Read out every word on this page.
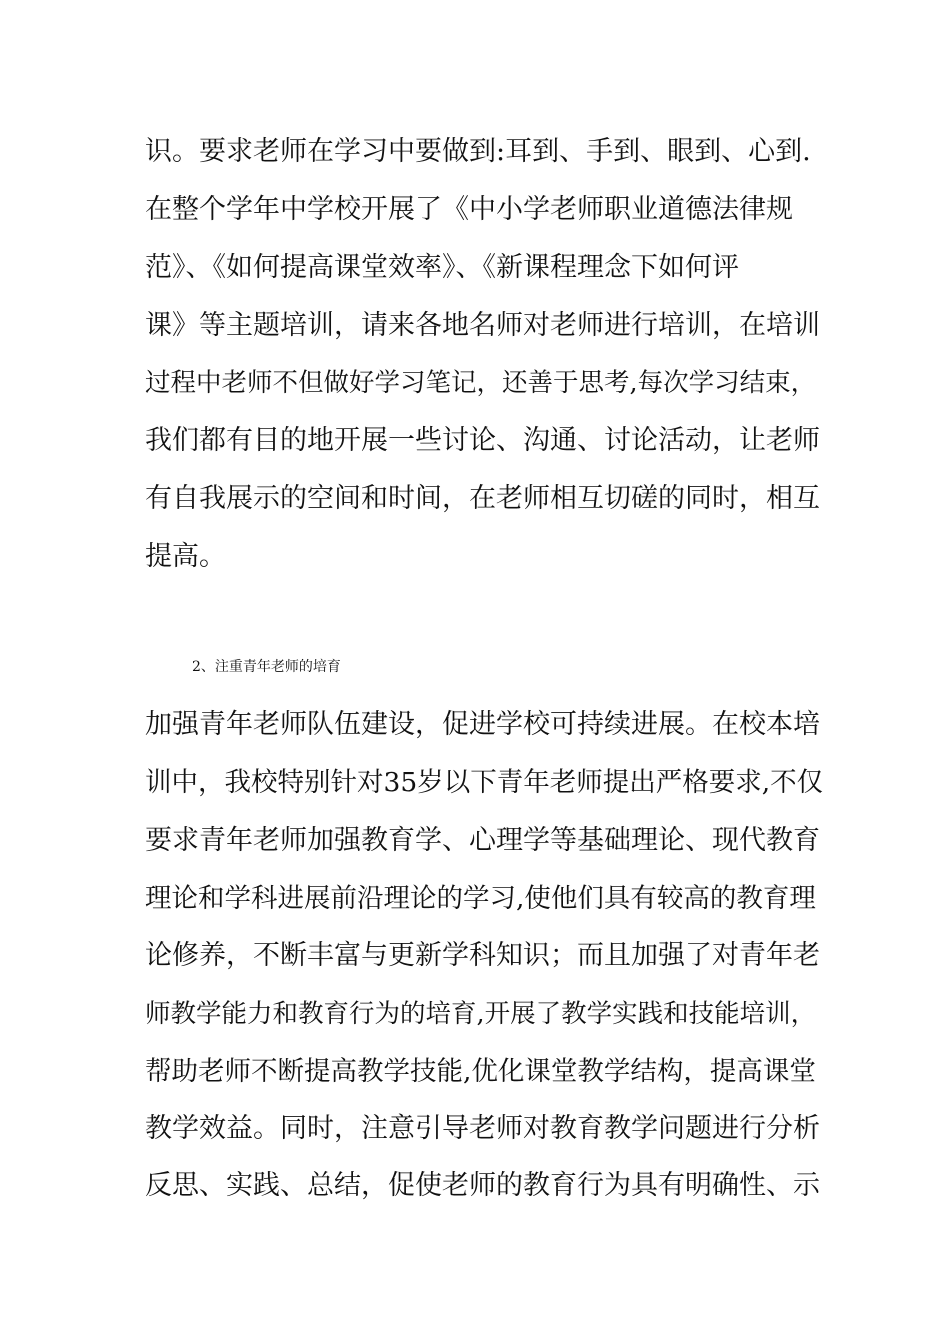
识。要求老师在学习中要做到:耳到、手到、眼到、心到.
在整个学年中学校开展了《中小学老师职业道德法律规
范》、《如何提高课堂效率》、《新课程理念下如何评
课》等主题培训，请来各地名师对老师进行培训，在培训
过程中老师不但做好学习笔记，还善于思考,每次学习结束，
我们都有目的地开展一些讨论、沟通、讨论活动，让老师
有自我展示的空间和时间，在老师相互切磋的同时，相互
提高。
2、注重青年老师的培育
加强青年老师队伍建设，促进学校可持续进展。在校本培
训中，我校特别针对35岁以下青年老师提出严格要求,不仅
要求青年老师加强教育学、心理学等基础理论、现代教育
理论和学科进展前沿理论的学习,使他们具有较高的教育理
论修养，不断丰富与更新学科知识；而且加强了对青年老
师教学能力和教育行为的培育,开展了教学实践和技能培训，
帮助老师不断提高教学技能,优化课堂教学结构，提高课堂
教学效益。同时，注意引导老师对教育教学问题进行分析
反思、实践、总结，促使老师的教育行为具有明确性、示
